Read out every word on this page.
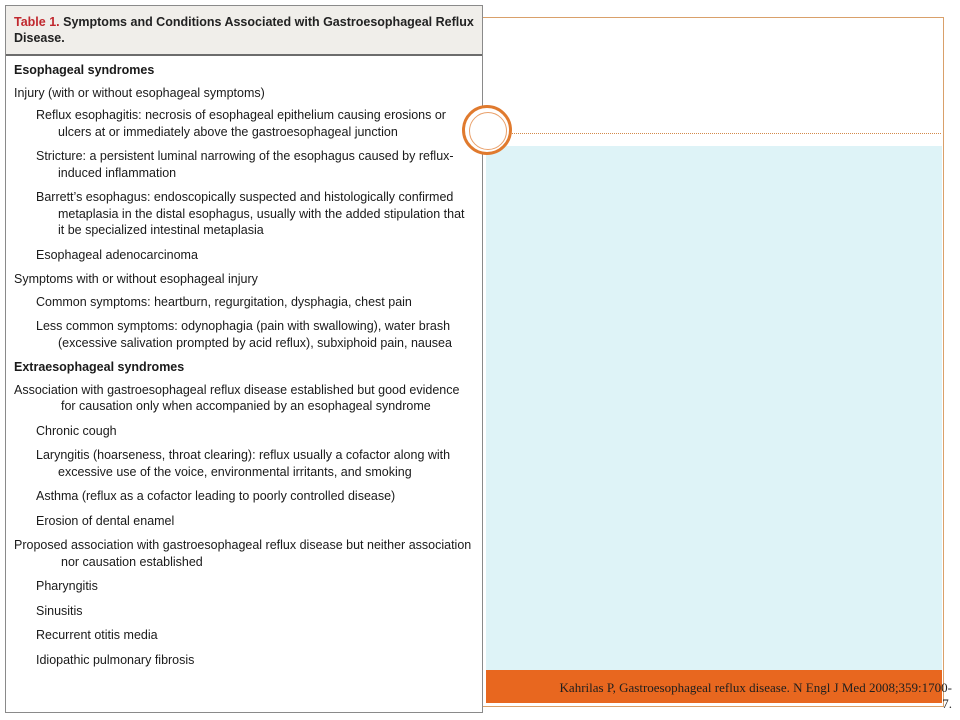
Kahrilas P, Gastroesophageal reflux disease. N Engl J Med 2008;359:1700-7.
Table 1. Symptoms and Conditions Associated with Gastroesophageal Reflux Disease.
Esophageal syndromes
Injury (with or without esophageal symptoms)
Reflux esophagitis: necrosis of esophageal epithelium causing erosions or ulcers at or immediately above the gastroesophageal junction
Stricture: a persistent luminal narrowing of the esophagus caused by reflux-induced inflammation
Barrett’s esophagus: endoscopically suspected and histologically confirmed metaplasia in the distal esophagus, usually with the added stipulation that it be specialized intestinal metaplasia
Esophageal adenocarcinoma
Symptoms with or without esophageal injury
Common symptoms: heartburn, regurgitation, dysphagia, chest pain
Less common symptoms: odynophagia (pain with swallowing), water brash (excessive salivation prompted by acid reflux), subxiphoid pain, nausea
Extraesophageal syndromes
Association with gastroesophageal reflux disease established but good evidence for causation only when accompanied by an esophageal syndrome
Chronic cough
Laryngitis (hoarseness, throat clearing): reflux usually a cofactor along with excessive use of the voice, environmental irritants, and smoking
Asthma (reflux as a cofactor leading to poorly controlled disease)
Erosion of dental enamel
Proposed association with gastroesophageal reflux disease but neither association nor causation established
Pharyngitis
Sinusitis
Recurrent otitis media
Idiopathic pulmonary fibrosis
